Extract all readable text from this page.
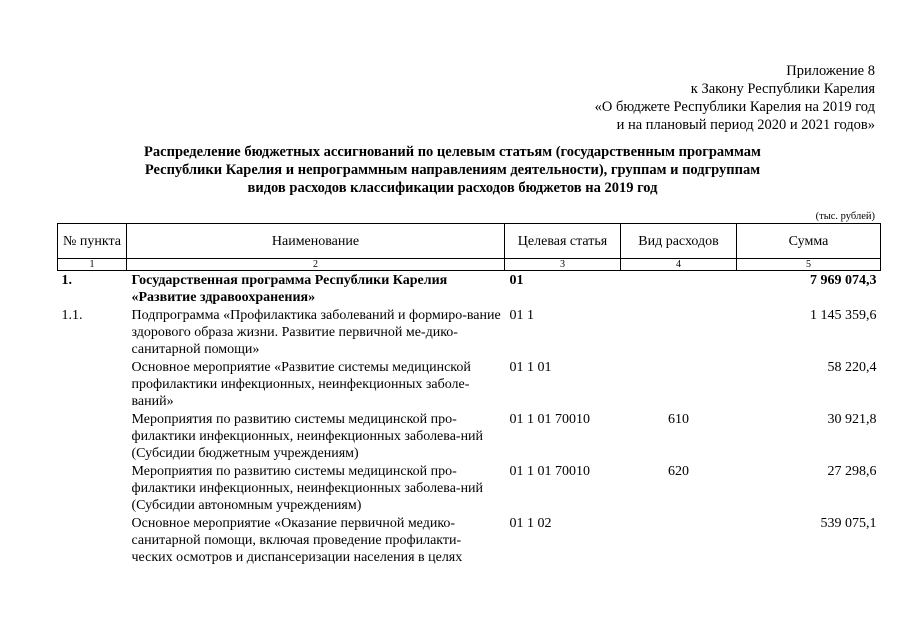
Приложение 8
к Закону Республики Карелия
«О бюджете Республики Карелия на 2019 год
и на плановый период 2020 и 2021 годов»
Распределение бюджетных ассигнований по целевым статьям (государственным программам
Республики Карелия и непрограммным направлениям деятельности), группам и подгруппам
видов расходов классификации расходов бюджетов на 2019 год
(тыс. рублей)
№ пункта	Наименование	Целевая статья	Вид расходов	Сумма
1	2	3	4	5
1.	Государственная программа Республики Карелия «Развитие здравоохранения»	01		7 969 074,3
1.1.	Подпрограмма «Профилактика заболеваний и формиро-вание здорового образа жизни. Развитие первичной ме-дико-санитарной помощи»	01 1		1 145 359,6
	Основное мероприятие «Развитие системы медицинской профилактики инфекционных, неинфекционных заболе-ваний»	01 1 01		58 220,4
	Мероприятия по развитию системы медицинской про-филактики инфекционных, неинфекционных заболева-ний (Субсидии бюджетным учреждениям)	01 1 01 70010	610	30 921,8
	Мероприятия по развитию системы медицинской про-филактики инфекционных, неинфекционных заболева-ний (Субсидии автономным учреждениям)	01 1 01 70010	620	27 298,6
	Основное мероприятие «Оказание первичной медико-санитарной помощи, включая проведение профилакти-ческих осмотров и диспансеризации населения в целях	01 1 02		539 075,1
